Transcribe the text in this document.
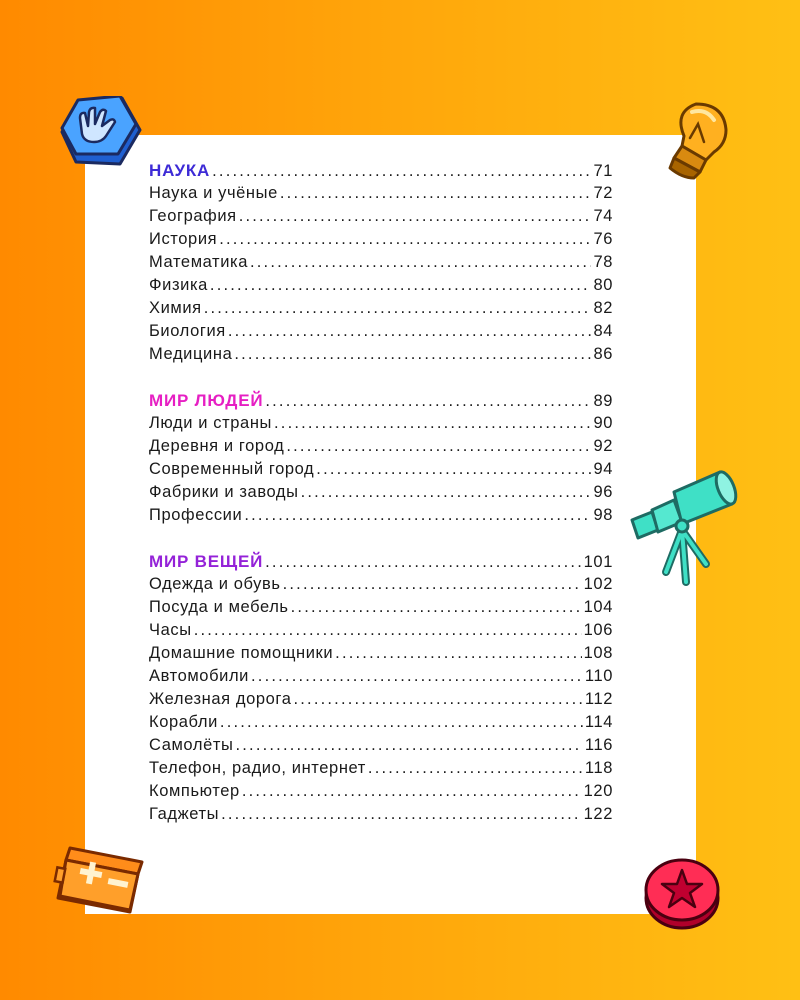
НАУКА .....	71
Наука и учёные .....	72
География .....	74
История .....	76
Математика .....	78
Физика .....	80
Химия .....	82
Биология .....	84
Медицина .....	86
МИР ЛЮДЕЙ .....	89
Люди и страны .....	90
Деревня и город .....	92
Современный город .....	94
Фабрики и заводы .....	96
Профессии .....	98
МИР ВЕЩЕЙ .....	101
Одежда и обувь .....	102
Посуда и мебель .....	104
Часы .....	106
Домашние помощники .....	108
Автомобили .....	110
Железная дорога .....	112
Корабли .....	114
Самолёты .....	116
Телефон, радио, интернет .....	118
Компьютер .....	120
Гаджеты .....	122
